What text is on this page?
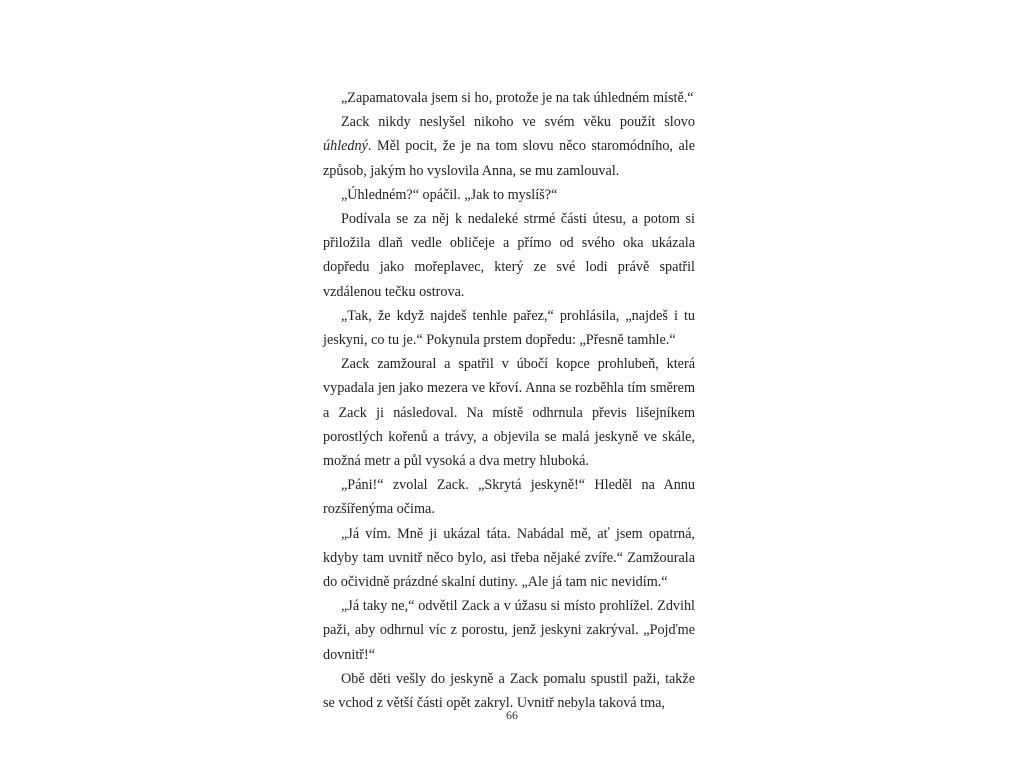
„Zapamatovala jsem si ho, protože je na tak úhledném místě.“

Zack nikdy neslyšel nikoho ve svém věku použít slovo úhledný. Měl pocit, že je na tom slovu něco staromódního, ale způsob, jakým ho vyslovila Anna, se mu zamlouval.

„Úhledném?“ opáčil. „Jak to myslíš?“

Podívala se za něj k nedaleké strmé části útesu, a potom si přiložila dlaň vedle obličeje a přímo od svého oka ukázala dopředu jako mořeplavec, který ze své lodi právě spatřil vzdálenou tečku ostrova.

„Tak, že když najdeš tenhle pařez,“ prohlásila, „najdeš i tu jeskyni, co tu je.“ Pokynula prstem dopředu: „Přesně tamhle.“

Zack zamžoural a spatřil v úbočí kopce prohlubeň, která vypadala jen jako mezera ve křoví. Anna se rozběhla tím směrem a Zack ji následoval. Na místě odhrnula převis lišejníkem porostlých kořenů a trávy, a objevila se malá jeskyně ve skále, možná metr a půl vysoká a dva metry hluboká.

„Páni!“ zvolal Zack. „Skrytá jeskyně!“ Hleděl na Annu rozšířenýma očima.

„Já vím. Mně ji ukázal táta. Nabádal mě, ať jsem opatrná, kdyby tam uvnitř něco bylo, asi třeba nějaké zvíře.“ Zamžourala do očividně prázdné skalní dutiny. „Ale já tam nic nevidím.“

„Já taky ne,“ odvětil Zack a v úžasu si místo prohlížel. Zdvihl paži, aby odhrnul víc z porostu, jenž jeskyni zakrýval. „Pojďme dovnitř!“

Obě děti vešly do jeskyně a Zack pomalu spustil paži, takže se vchod z větší části opět zakryl. Uvnitř nebyla taková tma,

66
